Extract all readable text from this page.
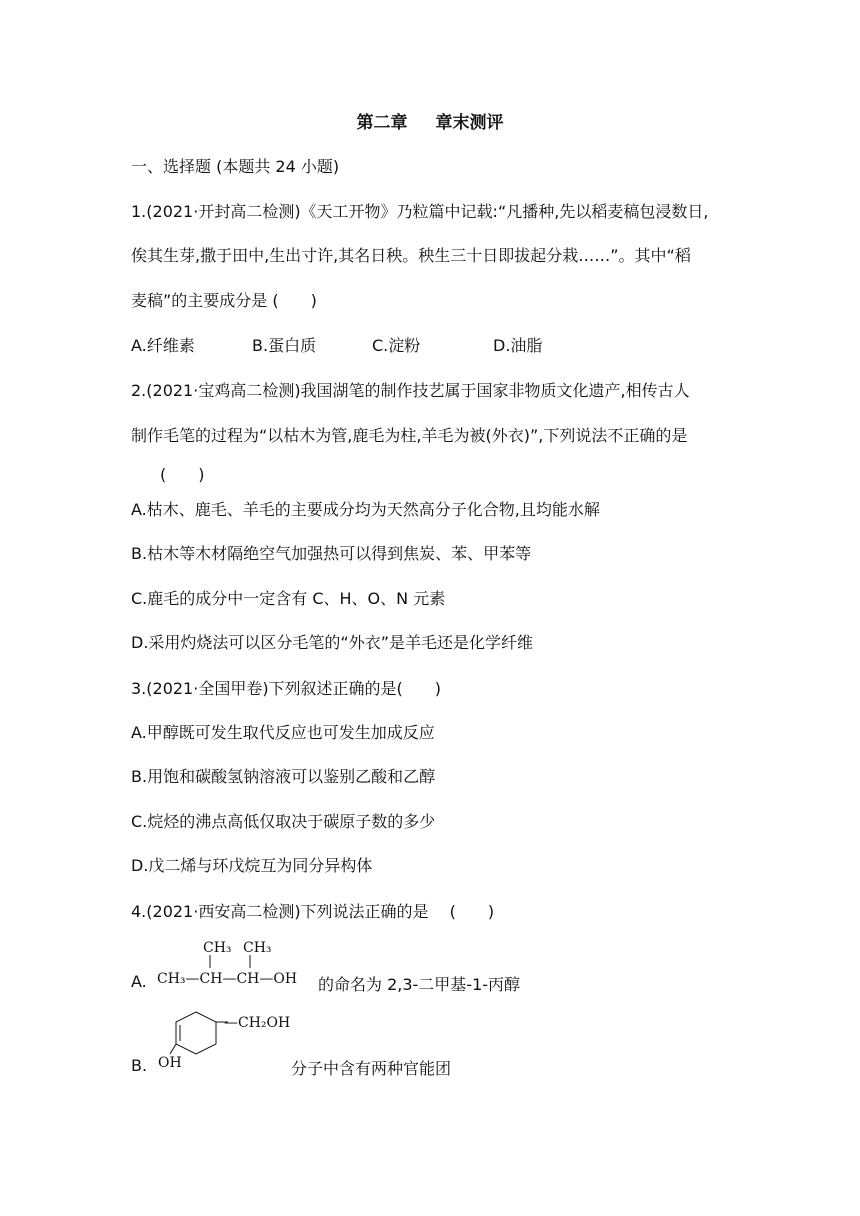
第二章 章末测评
一、选择题 (本题共 24 小题)
1.(2021·开封高二检测)《天工开物》乃粒篇中记载:“凡播种,先以稻麦稿包浸数日,
俟其生芽,撒于田中,生出寸许,其名日秧。秧生三十日即拔起分栽……”。其中“稻
麦稿”的主要成分是 (　　)
A.纤维素	B.蛋白质	C.淀粉	D.油脂
2.(2021·宝鸡高二检测)我国湖笔的制作技艺属于国家非物质文化遗产,相传古人
制作毛笔的过程为“以枯木为管,鹿毛为柱,羊毛为被(外衣)”,下列说法不正确的是
(　　)
A.枯木、鹿毛、羊毛的主要成分均为天然高分子化合物,且均能水解
B.枯木等木材隔绝空气加强热可以得到焦炭、苯、甲苯等
C.鹿毛的成分中一定含有 C、H、O、N 元素
D.采用灼烧法可以区分毛笔的“外衣”是羊毛还是化学纤维
3.(2021·全国甲卷)下列叙述正确的是(　　)
A.甲醇既可发生取代反应也可发生加成反应
B.用饱和碳酸氢钠溶液可以鉴别乙酸和乙醇
C.烷烃的沸点高低仅取决于碳原子数的多少
D.戊二烯与环戊烷互为同分异构体
4.(2021·西安高二检测)下列说法正确的是　 (　　)
A.
CH₃ CH₃
CH₃—CH—CH—OH 的命名为 2,3-二甲基-1-丙醇
B.
—CH₂OH
OH	分子中含有两种官能团
